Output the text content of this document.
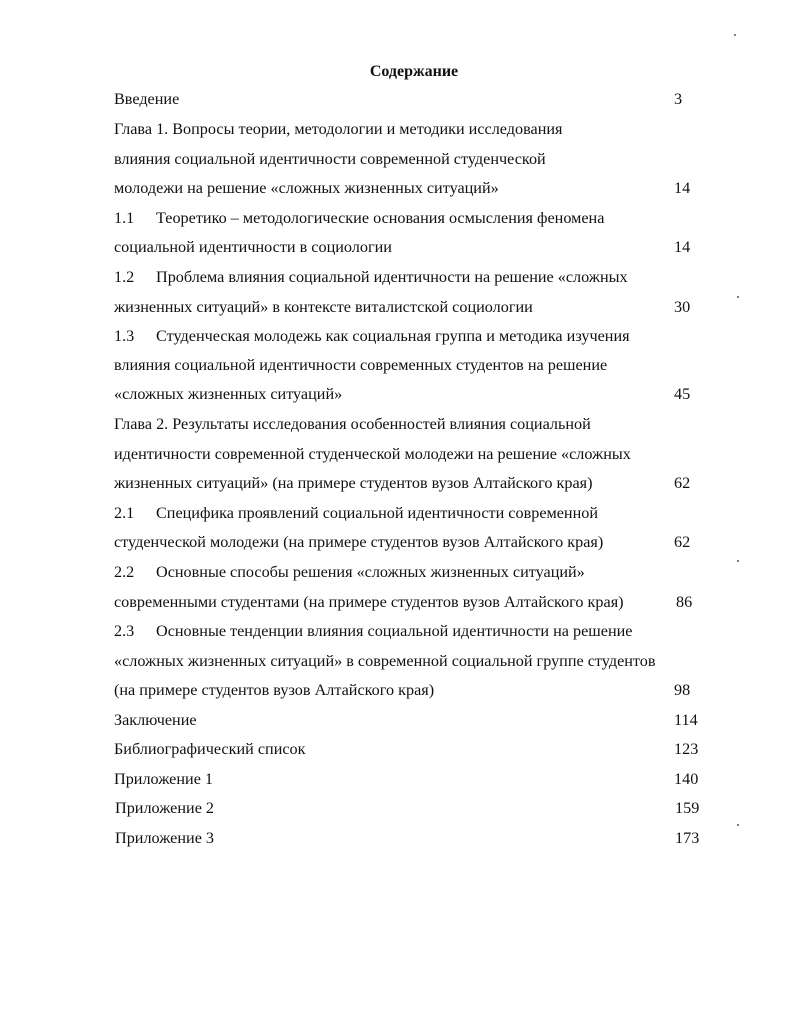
Содержание
Введение	3
Глава 1. Вопросы теории, методологии и методики исследования
влияния социальной идентичности современной студенческой
молодежи на решение «сложных жизненных ситуаций»	14
1.1 Теоретико – методологические основания осмысления феномена
социальной идентичности в социологии	14
1.2 Проблема влияния социальной идентичности на решение «сложных
жизненных ситуаций» в контексте виталистской социологии	30
1.3 Студенческая молодежь как социальная группа и методика изучения
влияния социальной идентичности современных студентов на решение
«сложных жизненных ситуаций»	45
Глава 2. Результаты исследования особенностей влияния социальной
идентичности современной студенческой молодежи на решение «сложных
жизненных ситуаций» (на примере студентов вузов Алтайского края)	62
2.1 Специфика проявлений социальной идентичности современной
студенческой молодежи (на примере студентов вузов Алтайского края)	62
2.2 Основные способы решения «сложных жизненных ситуаций»
современными студентами (на примере студентов вузов Алтайского края)	86
2.3 Основные тенденции влияния социальной идентичности на решение
«сложных жизненных ситуаций» в современной социальной группе студентов
(на примере студентов вузов Алтайского края)	98
Заключение	114
Библиографический список	123
Приложение 1	140
Приложение 2	159
Приложение 3	173
